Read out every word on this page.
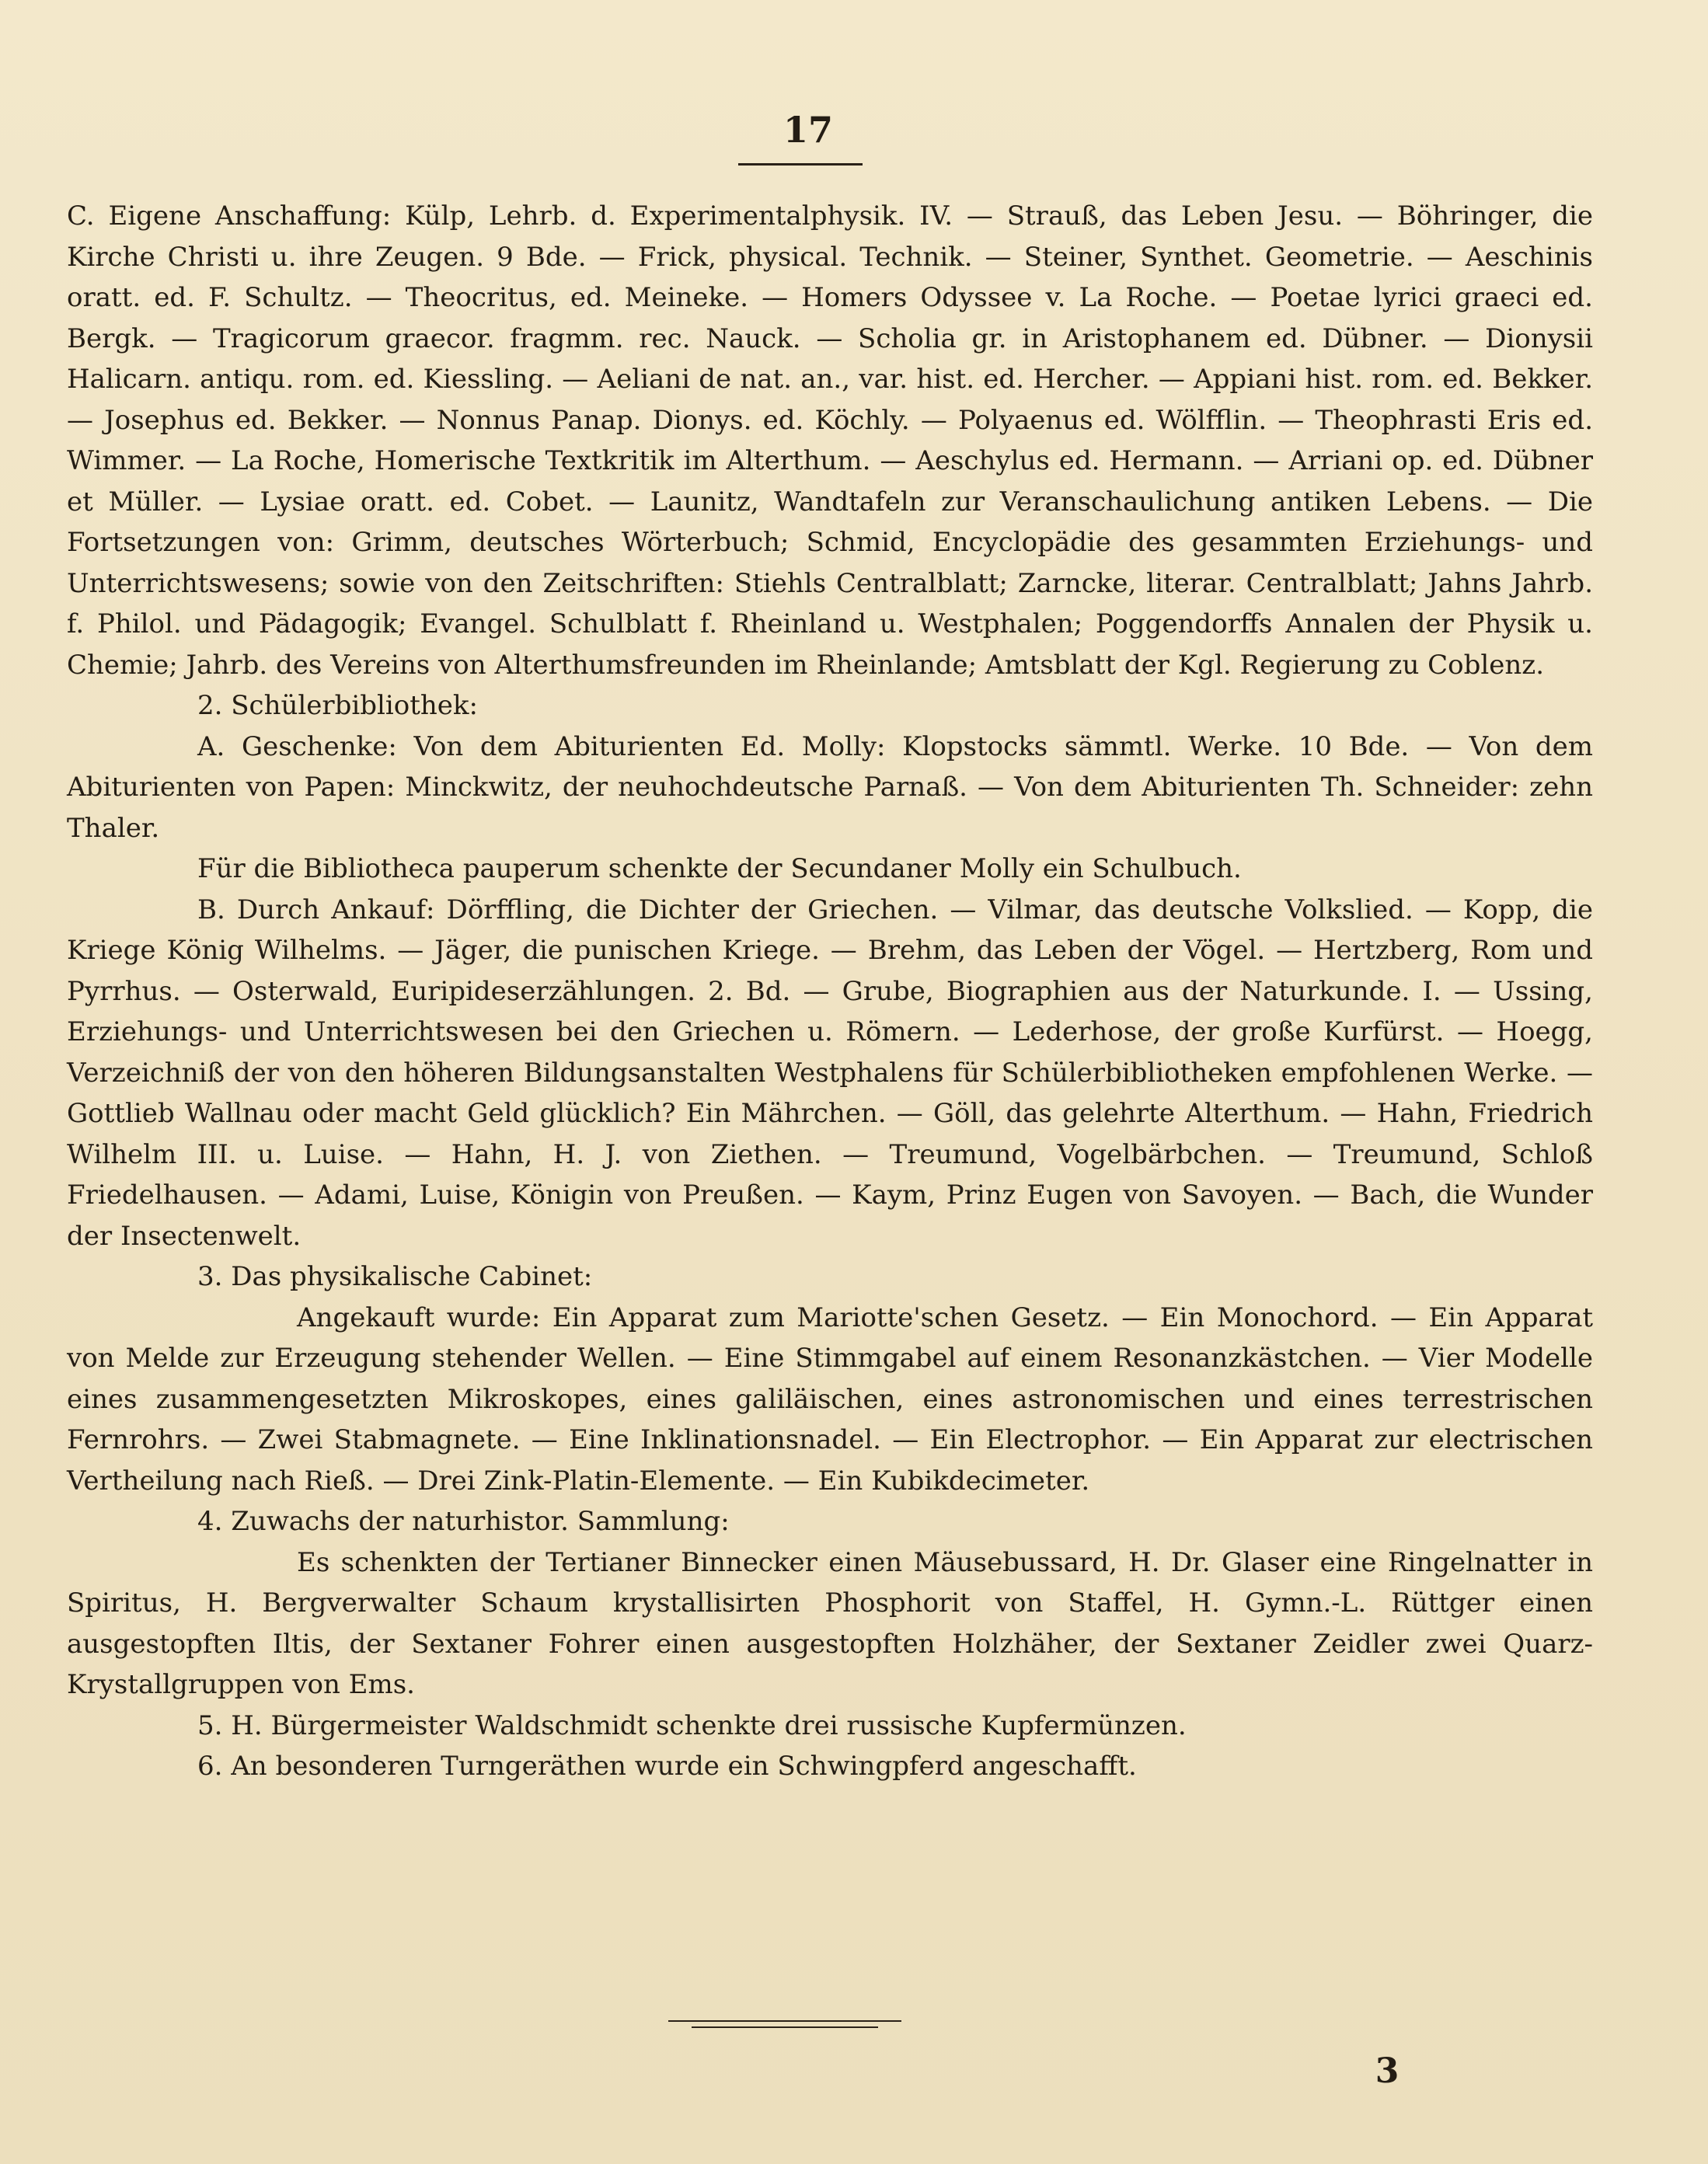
17

C. Eigene Anschaffung: Külp, Lehrb. d. Experimentalphysik. IV. — Strauß, das Leben Jesu. — Böhringer, die Kirche Christi u. ihre Zeugen. 9 Bde. — Frick, physical. Technik. — Steiner, Synthet. Geometrie. — Aeschinis oratt. ed. F. Schultz. — Theocritus, ed. Meineke. — Homers Odyssee v. La Roche. — Poetae lyrici graeci ed. Bergk. — Tragicorum graecor. fragmm. rec. Nauck. — Scholia gr. in Aristophanem ed. Dübner. — Dionysii Halicarn. antiqu. rom. ed. Kiessling. — Aeliani de nat. an., var. hist. ed. Hercher. — Appiani hist. rom. ed. Bekker. — Josephus ed. Bekker. — Nonnus Panap. Dionys. ed. Köchly. — Polyaenus ed. Wölfflin. — Theophrasti Eris ed. Wimmer. — La Roche, Homerische Textkritik im Alterthum. — Aeschylus ed. Hermann. — Arriani op. ed. Dübner et Müller. — Lysiae oratt. ed. Cobet. — Launitz, Wandtafeln zur Veranschaulichung antiken Lebens. — Die Fortsetzungen von: Grimm, deutsches Wörterbuch; Schmid, Encyclopädie des gesammten Erziehungs- und Unterrichtswesens; sowie von den Zeitschriften: Stiehls Centralblatt; Zarncke, literar. Centralblatt; Jahns Jahrb. f. Philol. und Pädagogik; Evangel. Schulblatt f. Rheinland u. Westphalen; Poggendorffs Annalen der Physik u. Chemie; Jahrb. des Vereins von Alterthumsfreunden im Rheinlande; Amtsblatt der Kgl. Regierung zu Coblenz.

2. Schülerbibliothek:

A. Geschenke: Von dem Abiturienten Ed. Molly: Klopstocks sämmtl. Werke. 10 Bde. — Von dem Abiturienten von Papen: Minckwitz, der neuhochdeutsche Parnaß. — Von dem Abiturienten Th. Schneider: zehn Thaler.

Für die Bibliotheca pauperum schenkte der Secundaner Molly ein Schulbuch.

B. Durch Ankauf: Dörffling, die Dichter der Griechen. — Vilmar, das deutsche Volkslied. — Kopp, die Kriege König Wilhelms. — Jäger, die punischen Kriege. — Brehm, das Leben der Vögel. — Hertzberg, Rom und Pyrrhus. — Osterwald, Euripideserzählungen. 2. Bd. — Grube, Biographien aus der Naturkunde. I. — Ussing, Erziehungs- und Unterrichtswesen bei den Griechen u. Römern. — Lederhose, der große Kurfürst. — Hoegg, Verzeichniß der von den höheren Bildungsanstalten Westphalens für Schülerbibliotheken empfohlenen Werke. — Gottlieb Wallnau oder macht Geld glücklich? Ein Mährchen. — Göll, das gelehrte Alterthum. — Hahn, Friedrich Wilhelm III. u. Luise. — Hahn, H. J. von Ziethen. — Treumund, Vogelbärbchen. — Treumund, Schloß Friedelhausen. — Adami, Luise, Königin von Preußen. — Kaym, Prinz Eugen von Savoyen. — Bach, die Wunder der Insectenwelt.

3. Das physikalische Cabinet:

Angekauft wurde: Ein Apparat zum Mariotte'schen Gesetz. — Ein Monochord. — Ein Apparat von Melde zur Erzeugung stehender Wellen. — Eine Stimmgabel auf einem Resonanzkästchen. — Vier Modelle eines zusammengesetzten Mikroskopes, eines galiläischen, eines astronomischen und eines terrestrischen Fernrohrs. — Zwei Stabmagnete. — Eine Inklinationsnadel. — Ein Electrophor. — Ein Apparat zur electrischen Vertheilung nach Rieß. — Drei Zink-Platin-Elemente. — Ein Kubikdecimeter.

4. Zuwachs der naturhistor. Sammlung:

Es schenkten der Tertianer Binnecker einen Mäusebussard, H. Dr. Glaser eine Ringelnatter in Spiritus, H. Bergverwalter Schaum krystallisirten Phosphorit von Staffel, H. Gymn.-L. Rüttger einen ausgestopften Iltis, der Sextaner Fohrer einen ausgestopften Holzhäher, der Sextaner Zeidler zwei Quarz-Krystallgruppen von Ems.

5. H. Bürgermeister Waldschmidt schenkte drei russische Kupfermünzen.

6. An besonderen Turngeräthen wurde ein Schwingpferd angeschafft.

3
